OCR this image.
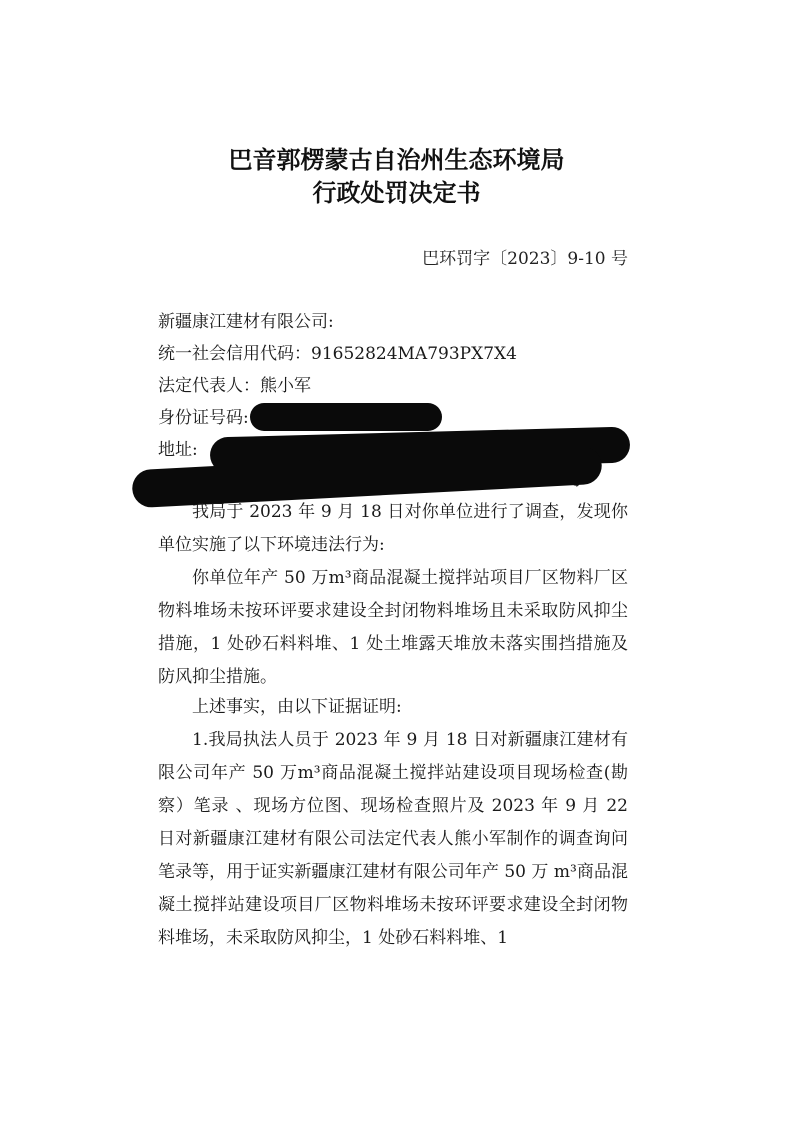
巴音郭楞蒙古自治州生态环境局
行政处罚决定书
巴环罚字〔2023〕9-10 号
新疆康江建材有限公司:
统一社会信用代码：91652824MA793PX7X4
法定代表人：熊小军
身份证号码:
地址:
我局于 2023 年 9 月 18 日对你单位进行了调查，发现你单位实施了以下环境违法行为:
你单位年产 50 万m³商品混凝土搅拌站项目厂区物料厂区物料堆场未按环评要求建设全封闭物料堆场且未采取防风抑尘措施，1 处砂石料料堆、1 处土堆露天堆放未落实围挡措施及防风抑尘措施。
上述事实，由以下证据证明:
1.我局执法人员于 2023 年 9 月 18 日对新疆康江建材有限公司年产 50 万m³商品混凝土搅拌站建设项目现场检查(勘察）笔录 、现场方位图、现场检查照片及 2023 年 9 月 22 日对新疆康江建材有限公司法定代表人熊小军制作的调查询问笔录等，用于证实新疆康江建材有限公司年产 50 万 m³商品混凝土搅拌站建设项目厂区物料堆场未按环评要求建设全封闭物料堆场，未采取防风抑尘，1 处砂石料料堆、1
